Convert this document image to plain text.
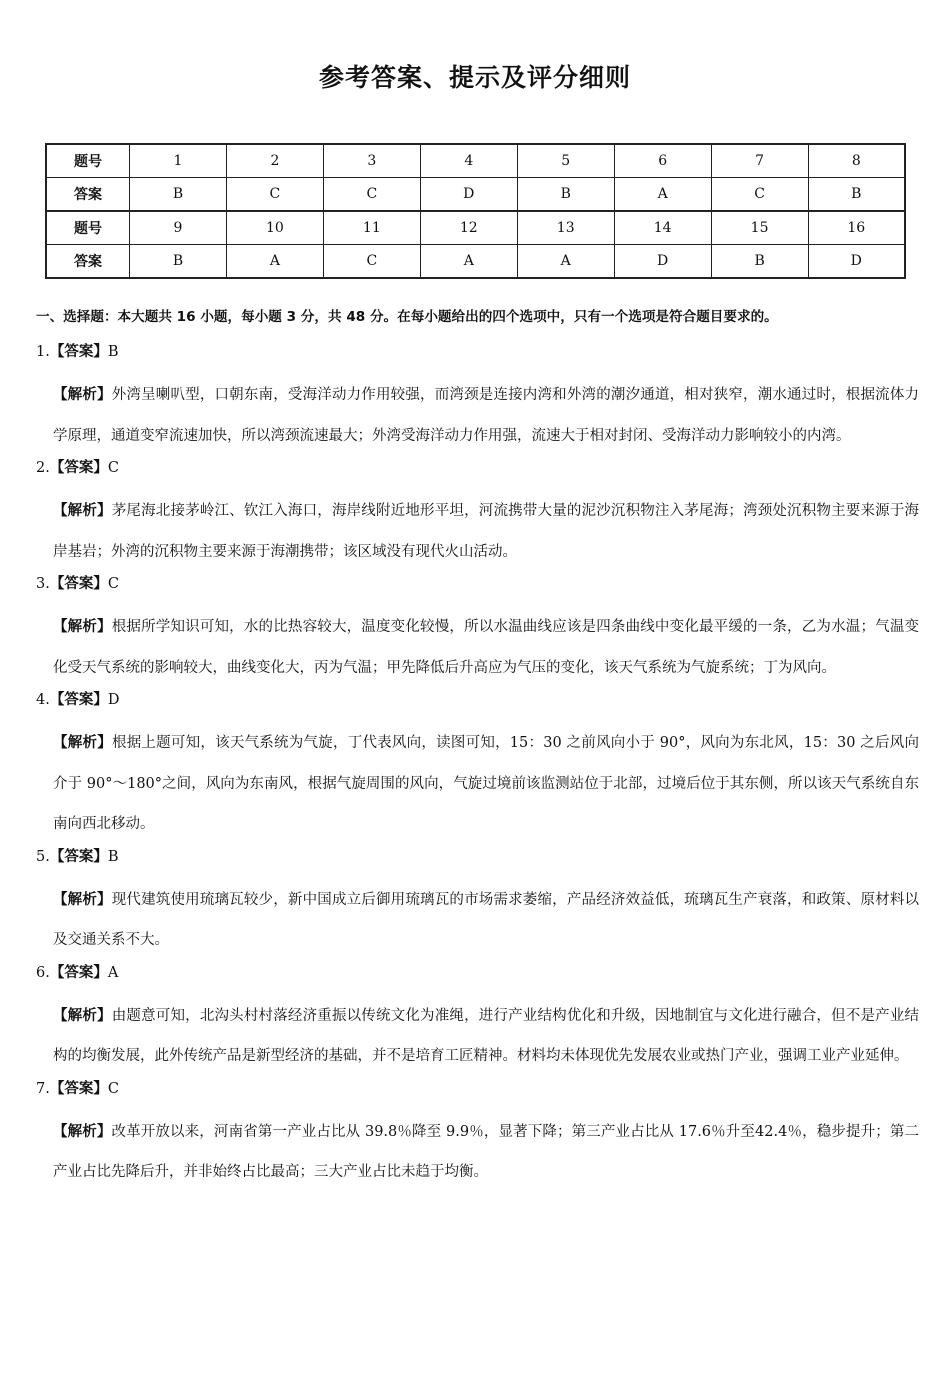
参考答案、提示及评分细则
题号	1	2	3	4	5	6	7	8
答案	B	C	C	D	B	A	C	B
题号	9	10	11	12	13	14	15	16
答案	B	A	C	A	A	D	B	D
一、选择题：本大题共 16 小题，每小题 3 分，共 48 分。在每小题给出的四个选项中，只有一个选项是符合题目要求的。
1.【答案】B

【解析】外湾呈喇叭型，口朝东南，受海洋动力作用较强，而湾颈是连接内湾和外湾的潮汐通道，相对狭窄，潮水通过时，根据流体力学原理，通道变窄流速加快，所以湾颈流速最大；外湾受海洋动力作用强，流速大于相对封闭、受海洋动力影响较小的内湾。

2.【答案】C

【解析】茅尾海北接茅岭江、钦江入海口，海岸线附近地形平坦，河流携带大量的泥沙沉积物注入茅尾海；湾颈处沉积物主要来源于海岸基岩；外湾的沉积物主要来源于海潮携带；该区域没有现代火山活动。

3.【答案】C

【解析】根据所学知识可知，水的比热容较大，温度变化较慢，所以水温曲线应该是四条曲线中变化最平缓的一条，乙为水温；气温变化受天气系统的影响较大，曲线变化大，丙为气温；甲先降低后升高应为气压的变化，该天气系统为气旋系统；丁为风向。

4.【答案】D

【解析】根据上题可知，该天气系统为气旋，丁代表风向，读图可知，15：30 之前风向小于 90°，风向为东北风，15：30 之后风向介于 90°～180°之间，风向为东南风，根据气旋周围的风向，气旋过境前该监测站位于北部，过境后位于其东侧，所以该天气系统自东南向西北移动。

5.【答案】B

【解析】现代建筑使用琉璃瓦较少，新中国成立后御用琉璃瓦的市场需求萎缩，产品经济效益低，琉璃瓦生产衰落，和政策、原材料以及交通关系不大。

6.【答案】A

【解析】由题意可知，北沟头村村落经济重振以传统文化为准绳，进行产业结构优化和升级，因地制宜与文化进行融合，但不是产业结构的均衡发展，此外传统产品是新型经济的基础，并不是培育工匠精神。材料均未体现优先发展农业或热门产业，强调工业产业延伸。

7.【答案】C

【解析】改革开放以来，河南省第一产业占比从 39.8％降至 9.9％，显著下降；第三产业占比从 17.6％升至42.4％，稳步提升；第二产业占比先降后升，并非始终占比最高；三大产业占比未趋于均衡。
